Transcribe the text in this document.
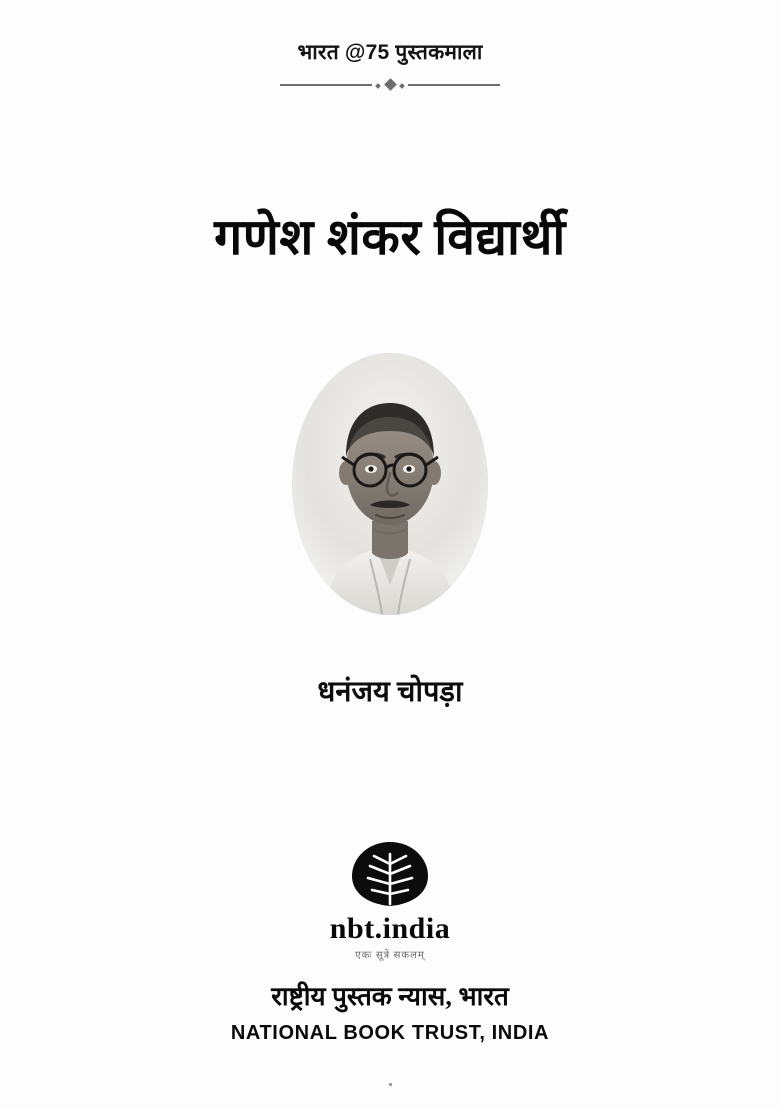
भारत @75 पुस्तकमाला
गणेश शंकर विद्यार्थी
धनंजय चोपड़ा
nbt.india
एकः सूत्रे सकलम्
राष्ट्रीय पुस्तक न्यास, भारत
NATIONAL BOOK TRUST, INDIA
